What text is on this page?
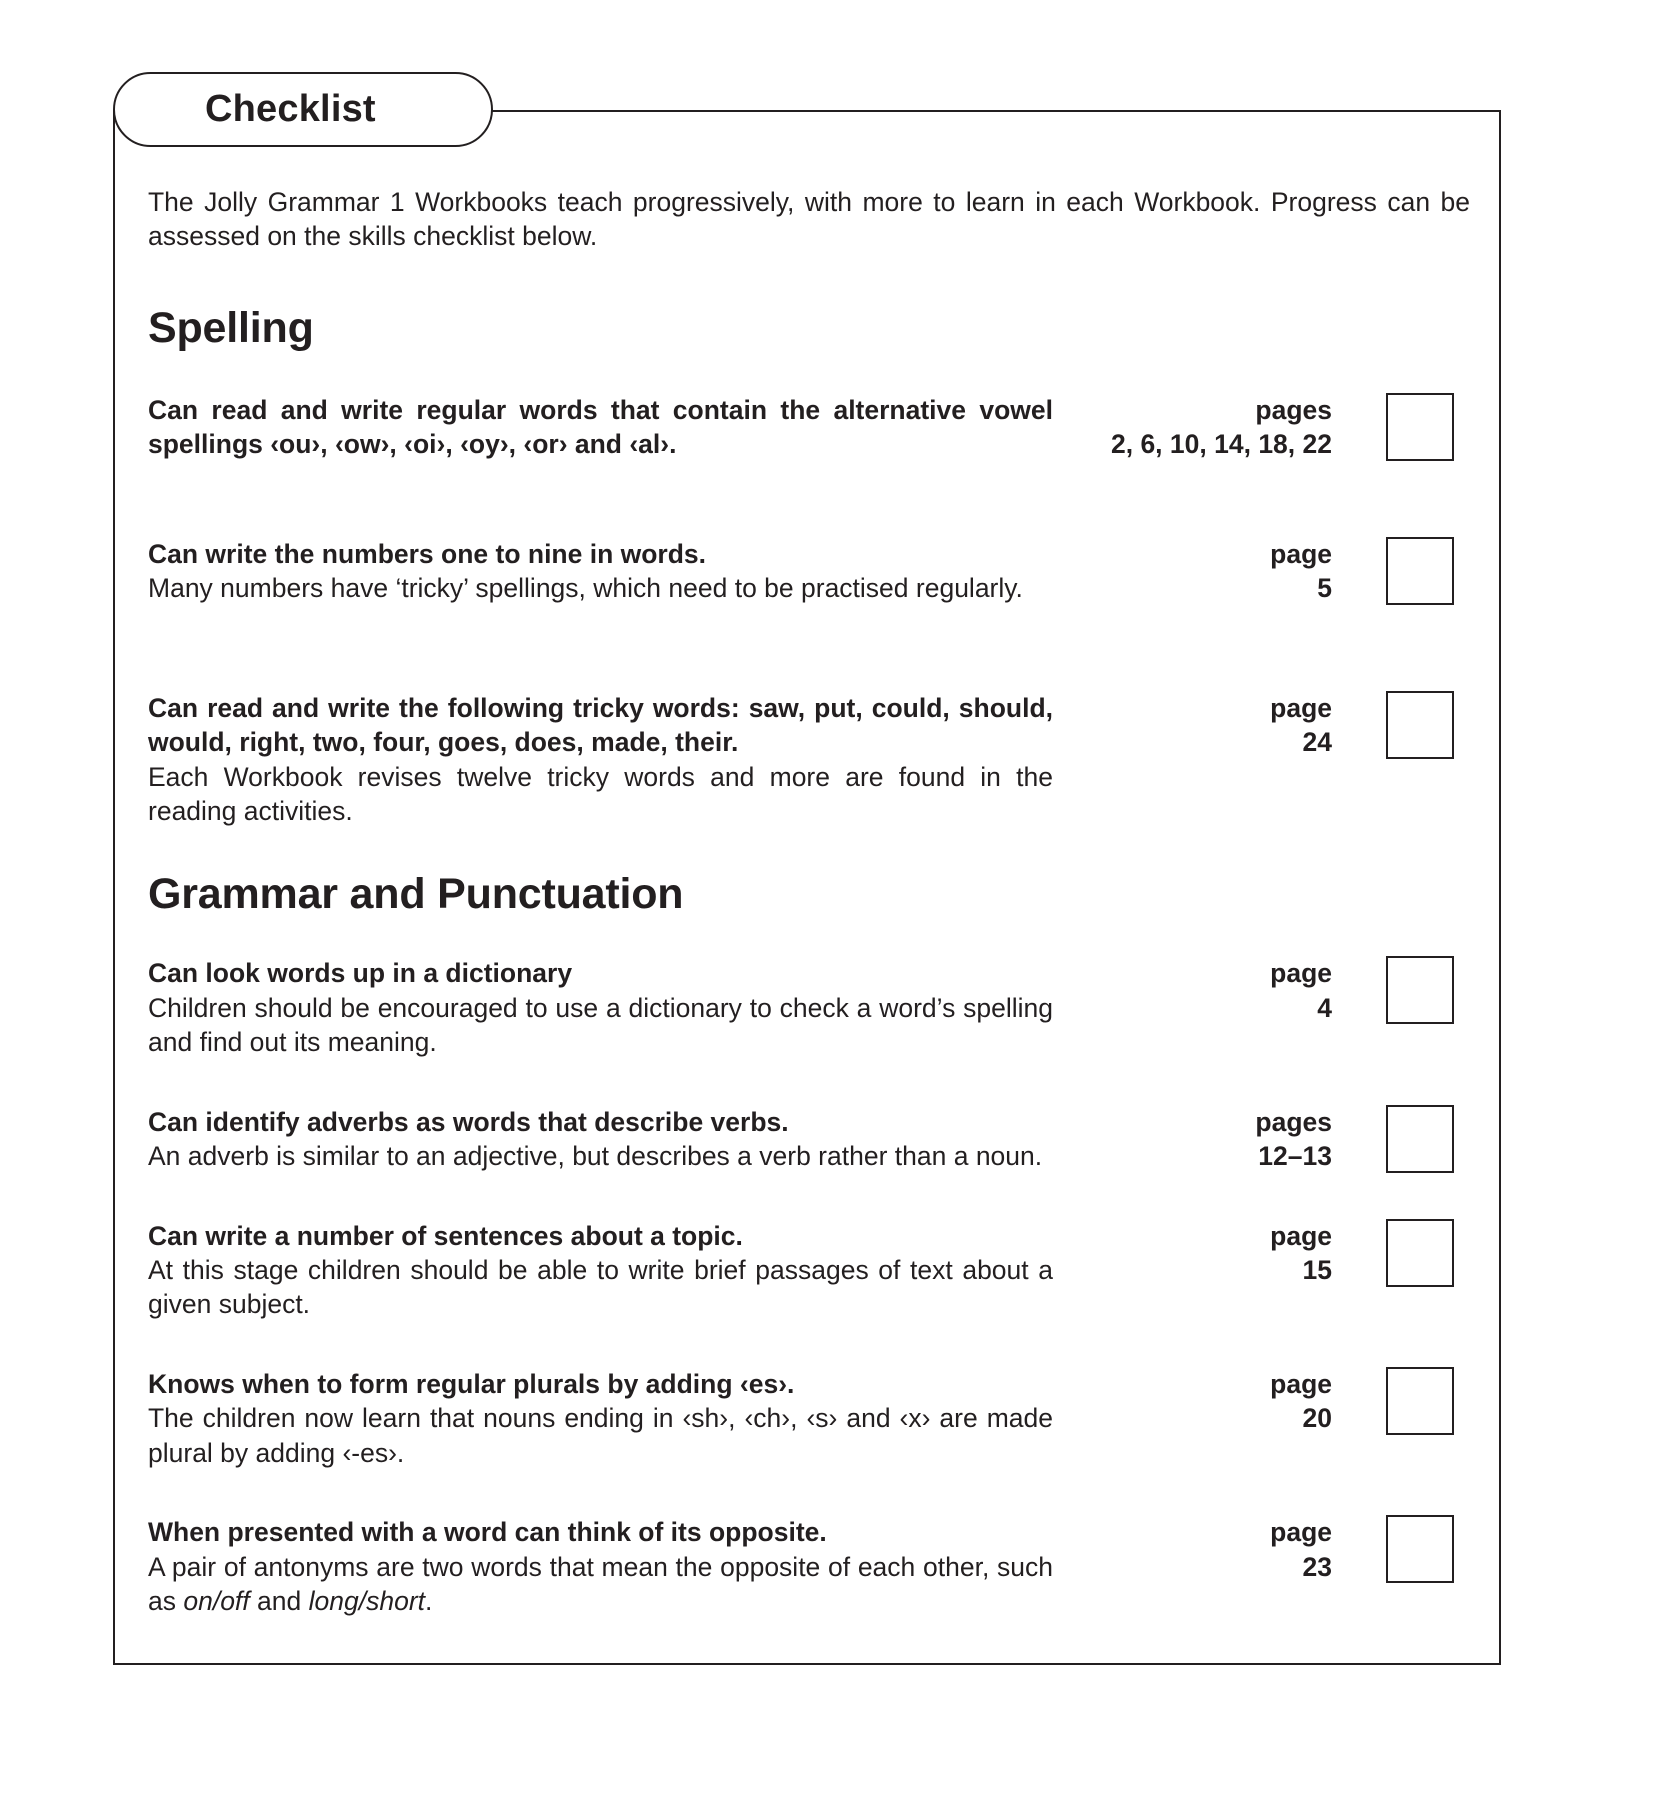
Checklist

The Jolly Grammar 1 Workbooks teach progressively, with more to learn in each Workbook. Progress can be assessed on the skills checklist below.

Spelling
Can read and write regular words that contain the alternative vowel spellings ‹ou›, ‹ow›, ‹oi›, ‹oy›, ‹or› and ‹al›.
pages
2, 6, 10, 14, 18, 22
Can write the numbers one to nine in words.
Many numbers have ‘tricky’ spellings, which need to be practised regularly.
page
5
Can read and write the following tricky words: saw, put, could, should, would, right, two, four, goes, does, made, their.
Each Workbook revises twelve tricky words and more are found in the reading activities.
page
24
Grammar and Punctuation
Can look words up in a dictionary
Children should be encouraged to use a dictionary to check a word’s spelling and find out its meaning.
page
4
Can identify adverbs as words that describe verbs.
An adverb is similar to an adjective, but describes a verb rather than a noun.
pages
12–13
Can write a number of sentences about a topic.
At this stage children should be able to write brief passages of text about a given subject.
page
15
Knows when to form regular plurals by adding ‹es›.
The children now learn that nouns ending in ‹sh›, ‹ch›, ‹s› and ‹x› are made plural by adding ‹-es›.
page
20
When presented with a word can think of its opposite.
A pair of antonyms are two words that mean the opposite of each other, such as on/off and long/short.
page
23
